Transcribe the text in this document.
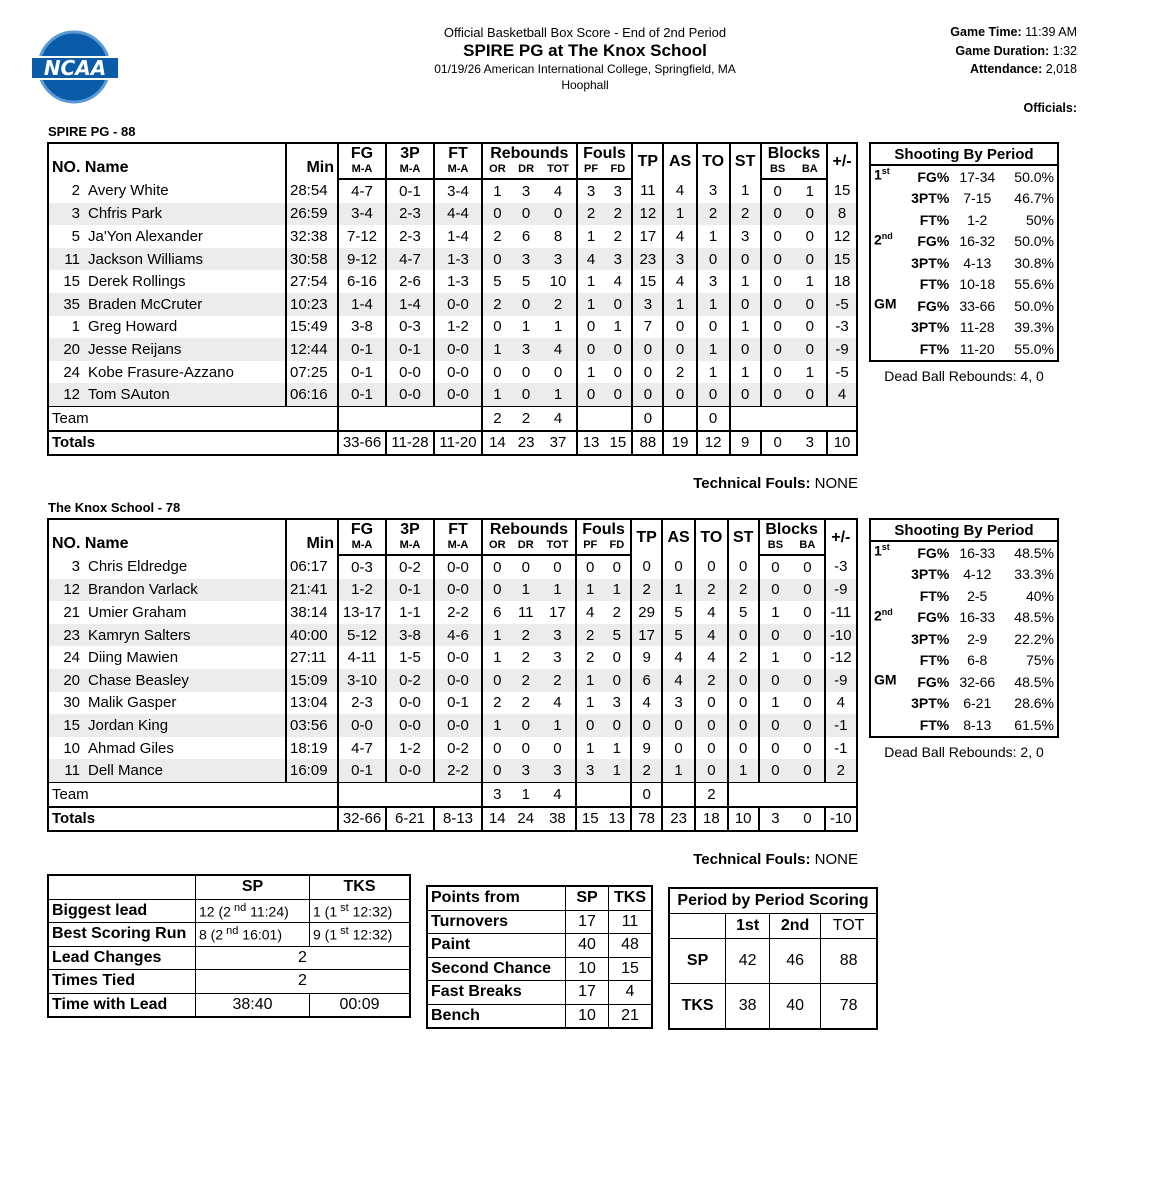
NCAA
Official Basketball Box Score - End of 2nd Period
SPIRE PG at The Knox School
01/19/26 American International College, Springfield, MA
Hoophall
Game Time: 11:39 AM
Game Duration: 1:32
Attendance: 2,018
Officials:
SPIRE PG - 88
NO. Name	Min	FG	3P	FT	Rebounds			Fouls		TP	AS	TO	ST	Blocks		+/-
		M-A	M-A	M-A	OR	DR	TOT	PF	FD					BS	BA	
2 Avery White	28:54	4-7	0-1	3-4	1	3	4	3	3	11	4	3	1	0	1	15
3 Chfris Park	26:59	3-4	2-3	4-4	0	0	0	2	2	12	1	2	2	0	0	8
5 Ja'Yon Alexander	32:38	7-12	2-3	1-4	2	6	8	1	2	17	4	1	3	0	0	12
11 Jackson Williams	30:58	9-12	4-7	1-3	0	3	3	4	3	23	3	0	0	0	0	15
15 Derek Rollings	27:54	6-16	2-6	1-3	5	5	10	1	4	15	4	3	1	0	1	18
35 Braden McCruter	10:23	1-4	1-4	0-0	2	0	2	1	0	3	1	1	0	0	0	-5
1 Greg Howard	15:49	3-8	0-3	1-2	0	1	1	0	1	7	0	0	1	0	0	-3
20 Jesse Reijans	12:44	0-1	0-1	0-0	1	3	4	0	0	0	0	1	0	0	0	-9
24 Kobe Frasure-Azzano	07:25	0-1	0-0	0-0	0	0	0	1	0	0	2	1	1	0	1	-5
12 Tom SAuton	06:16	0-1	0-0	0-0	1	0	1	0	0	0	0	0	0	0	0	4
Team					2	2	4			0		0				
Totals		33-66	11-28	11-20	14	23	37	13	15	88	19	12	9	0	3	10
Technical Fouls: NONE
Shooting By Period			
1st	FG%	17-34	50.0%
	3PT%	7-15	46.7%
	FT%	1-2	50%
2nd	FG%	16-32	50.0%
	3PT%	4-13	30.8%
	FT%	10-18	55.6%
GM	FG%	33-66	50.0%
	3PT%	11-28	39.3%
	FT%	11-20	55.0%
Dead Ball Rebounds: 4, 0
The Knox School - 78
NO. Name	Min	FG	3P	FT	Rebounds			Fouls		TP	AS	TO	ST	Blocks		+/-
		M-A	M-A	M-A	OR	DR	TOT	PF	FD					BS	BA	
3 Chris Eldredge	06:17	0-3	0-2	0-0	0	0	0	0	0	0	0	0	0	0	0	-3
12 Brandon Varlack	21:41	1-2	0-1	0-0	0	1	1	1	1	2	1	2	2	0	0	-9
21 Umier Graham	38:14	13-17	1-1	2-2	6	11	17	4	2	29	5	4	5	1	0	-11
23 Kamryn Salters	40:00	5-12	3-8	4-6	1	2	3	2	5	17	5	4	0	0	0	-10
24 Diing Mawien	27:11	4-11	1-5	0-0	1	2	3	2	0	9	4	4	2	1	0	-12
20 Chase Beasley	15:09	3-10	0-2	0-0	0	2	2	1	0	6	4	2	0	0	0	-9
30 Malik Gasper	13:04	2-3	0-0	0-1	2	2	4	1	3	4	3	0	0	1	0	4
15 Jordan King	03:56	0-0	0-0	0-0	1	0	1	0	0	0	0	0	0	0	0	-1
10 Ahmad Giles	18:19	4-7	1-2	0-2	0	0	0	1	1	9	0	0	0	0	0	-1
11 Dell Mance	16:09	0-1	0-0	2-2	0	3	3	3	1	2	1	0	1	0	0	2
Team					3	1	4			0		2				
Totals		32-66	6-21	8-13	14	24	38	15	13	78	23	18	10	3	0	-10
Technical Fouls: NONE
Shooting By Period			
1st	FG%	16-33	48.5%
	3PT%	4-12	33.3%
	FT%	2-5	40%
2nd	FG%	16-33	48.5%
	3PT%	2-9	22.2%
	FT%	6-8	75%
GM	FG%	32-66	48.5%
	3PT%	6-21	28.6%
	FT%	8-13	61.5%
Dead Ball Rebounds: 2, 0
	SP	TKS
Biggest lead	12 (2 $^{nd}$ 11:24)	1 (1 $^{st}$ 12:32)
Best Scoring Run	8 (2 $^{nd}$ 16:01)	9 (1 $^{st}$ 12:32)
Lead Changes	2	
Times Tied	2	
Time with Lead	38:40	00:09
Points from	SP	TKS
Turnovers	17	11
Paint	40	48
Second Chance	10	15
Fast Breaks	17	4
Bench	10	21
Period by Period Scoring			
	1st	2nd	TOT
SP	42	46	88
TKS	38	40	78
